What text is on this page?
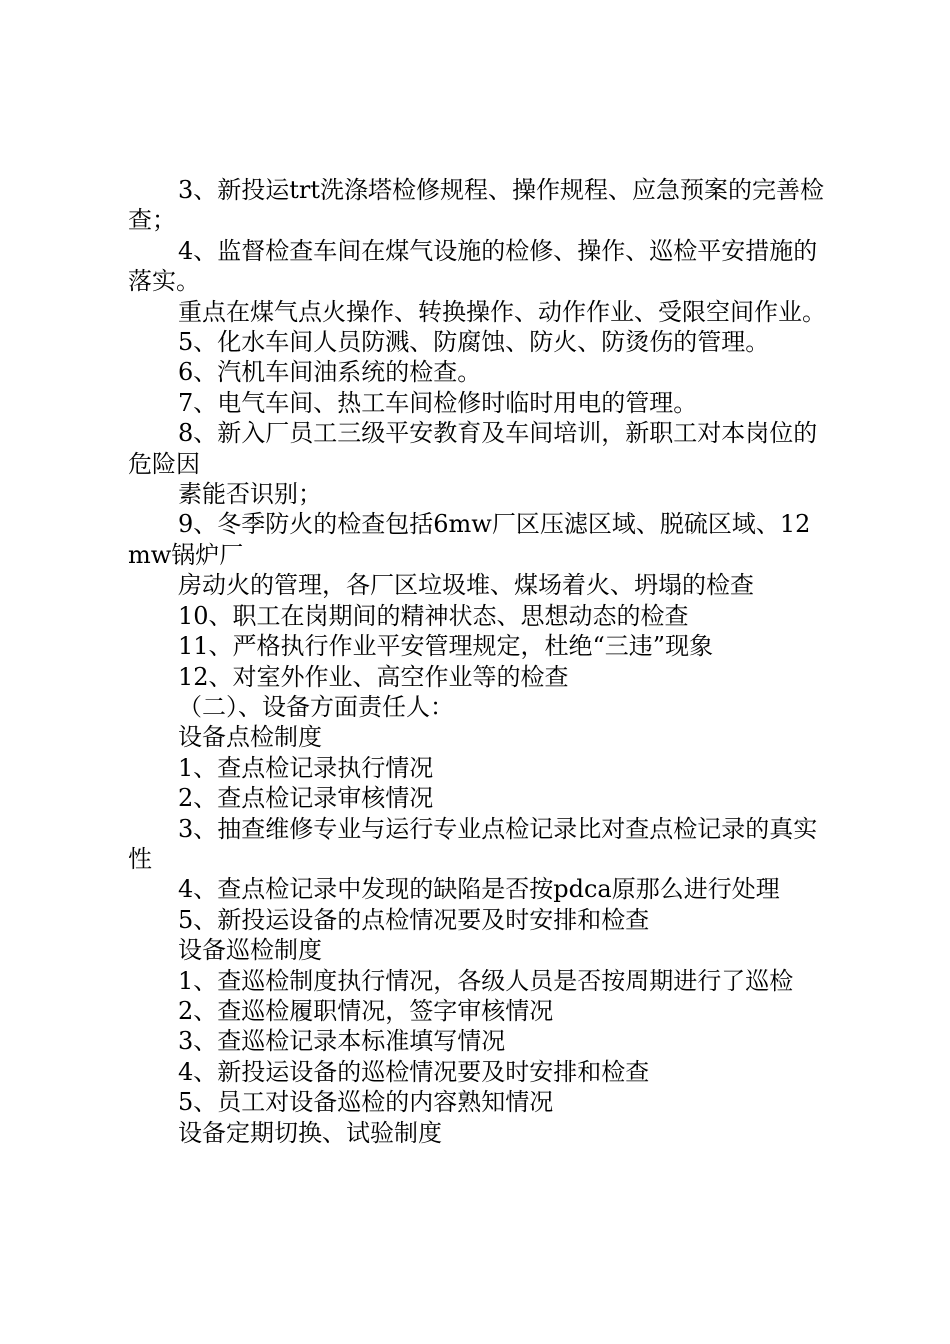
3、新投运trt洗涤塔检修规程、操作规程、应急预案的完善检查；

4、监督检查车间在煤气设施的检修、操作、巡检平安措施的落实。

重点在煤气点火操作、转换操作、动作作业、受限空间作业。

5、化水车间人员防溅、防腐蚀、防火、防烫伤的管理。

6、汽机车间油系统的检查。

7、电气车间、热工车间检修时临时用电的管理。

8、新入厂员工三级平安教育及车间培训，新职工对本岗位的危险因

素能否识别；

9、冬季防火的检查包括6mw厂区压滤区域、脱硫区域、12mw锅炉厂

房动火的管理，各厂区垃圾堆、煤场着火、坍塌的检查

10、职工在岗期间的精神状态、思想动态的检查

11、严格执行作业平安管理规定，杜绝“三违”现象

12、对室外作业、高空作业等的检查

（二）、设备方面责任人：

设备点检制度

1、查点检记录执行情况

2、查点检记录审核情况

3、抽查维修专业与运行专业点检记录比对查点检记录的真实性

4、查点检记录中发现的缺陷是否按pdca原那么进行处理

5、新投运设备的点检情况要及时安排和检查

设备巡检制度

1、查巡检制度执行情况，各级人员是否按周期进行了巡检

2、查巡检履职情况，签字审核情况

3、查巡检记录本标准填写情况

4、新投运设备的巡检情况要及时安排和检查

5、员工对设备巡检的内容熟知情况

设备定期切换、试验制度
